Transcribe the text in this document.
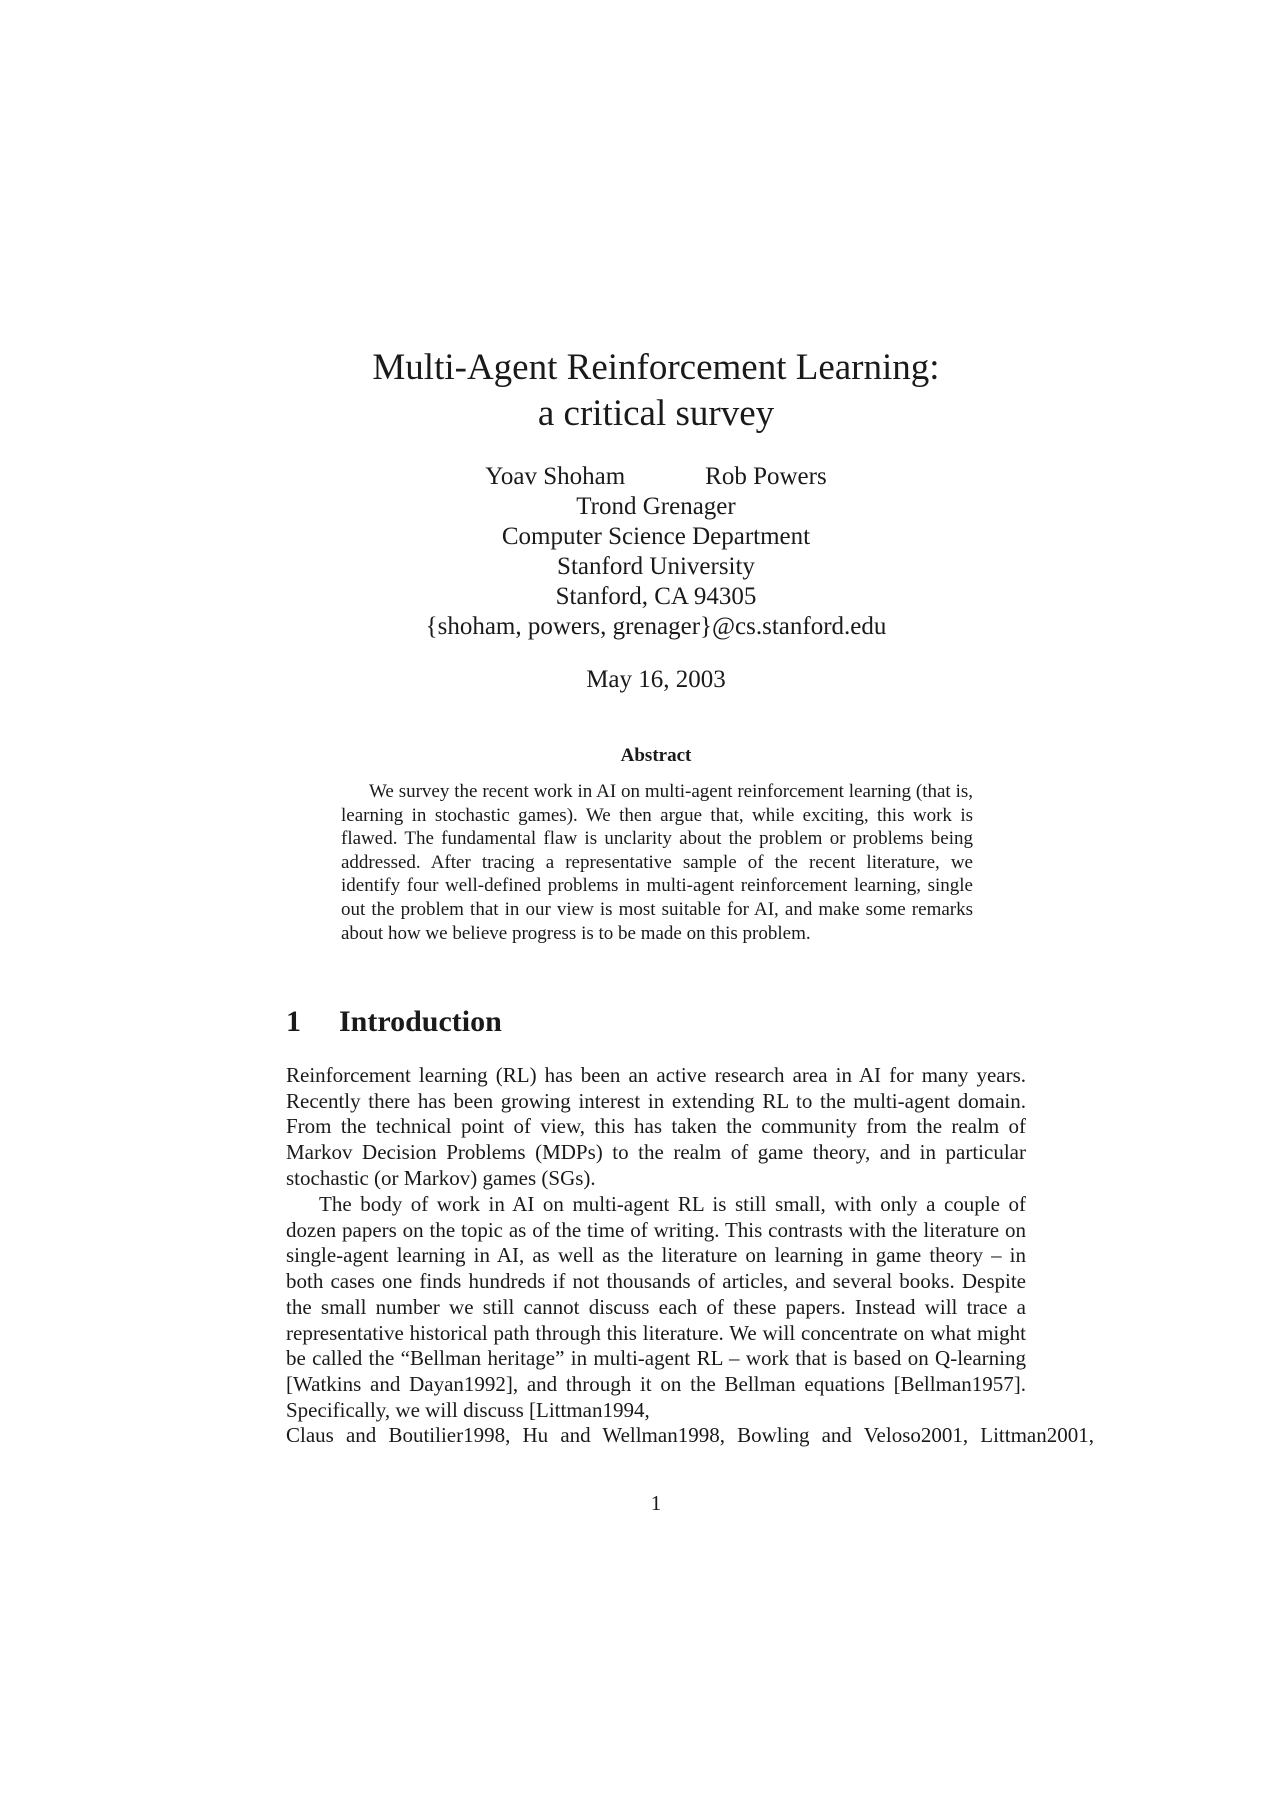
Multi-Agent Reinforcement Learning:
a critical survey
Yoav Shoham	Rob Powers
Trond Grenager
Computer Science Department
Stanford University
Stanford, CA 94305
{shoham, powers, grenager}@cs.stanford.edu
May 16, 2003
Abstract

We survey the recent work in AI on multi-agent reinforcement learning (that is, learning in stochastic games). We then argue that, while exciting, this work is flawed. The fundamental flaw is unclarity about the problem or problems being addressed. After tracing a representative sample of the recent literature, we identify four well-defined problems in multi-agent reinforcement learning, single out the problem that in our view is most suitable for AI, and make some remarks about how we believe progress is to be made on this problem.

1 Introduction

Reinforcement learning (RL) has been an active research area in AI for many years. Recently there has been growing interest in extending RL to the multi-agent domain. From the technical point of view, this has taken the community from the realm of Markov Decision Problems (MDPs) to the realm of game theory, and in particular stochastic (or Markov) games (SGs).

The body of work in AI on multi-agent RL is still small, with only a couple of dozen papers on the topic as of the time of writing. This contrasts with the literature on single-agent learning in AI, as well as the literature on learning in game theory – in both cases one finds hundreds if not thousands of articles, and several books. Despite the small number we still cannot discuss each of these papers. Instead will trace a representative historical path through this literature. We will concentrate on what might be called the “Bellman heritage” in multi-agent RL – work that is based on Q-learning [Watkins and Dayan1992], and through it on the Bellman equations [Bellman1957]. Specifically, we will discuss [Littman1994,
Claus and Boutilier1998, Hu and Wellman1998, Bowling and Veloso2001, Littman2001,
1
